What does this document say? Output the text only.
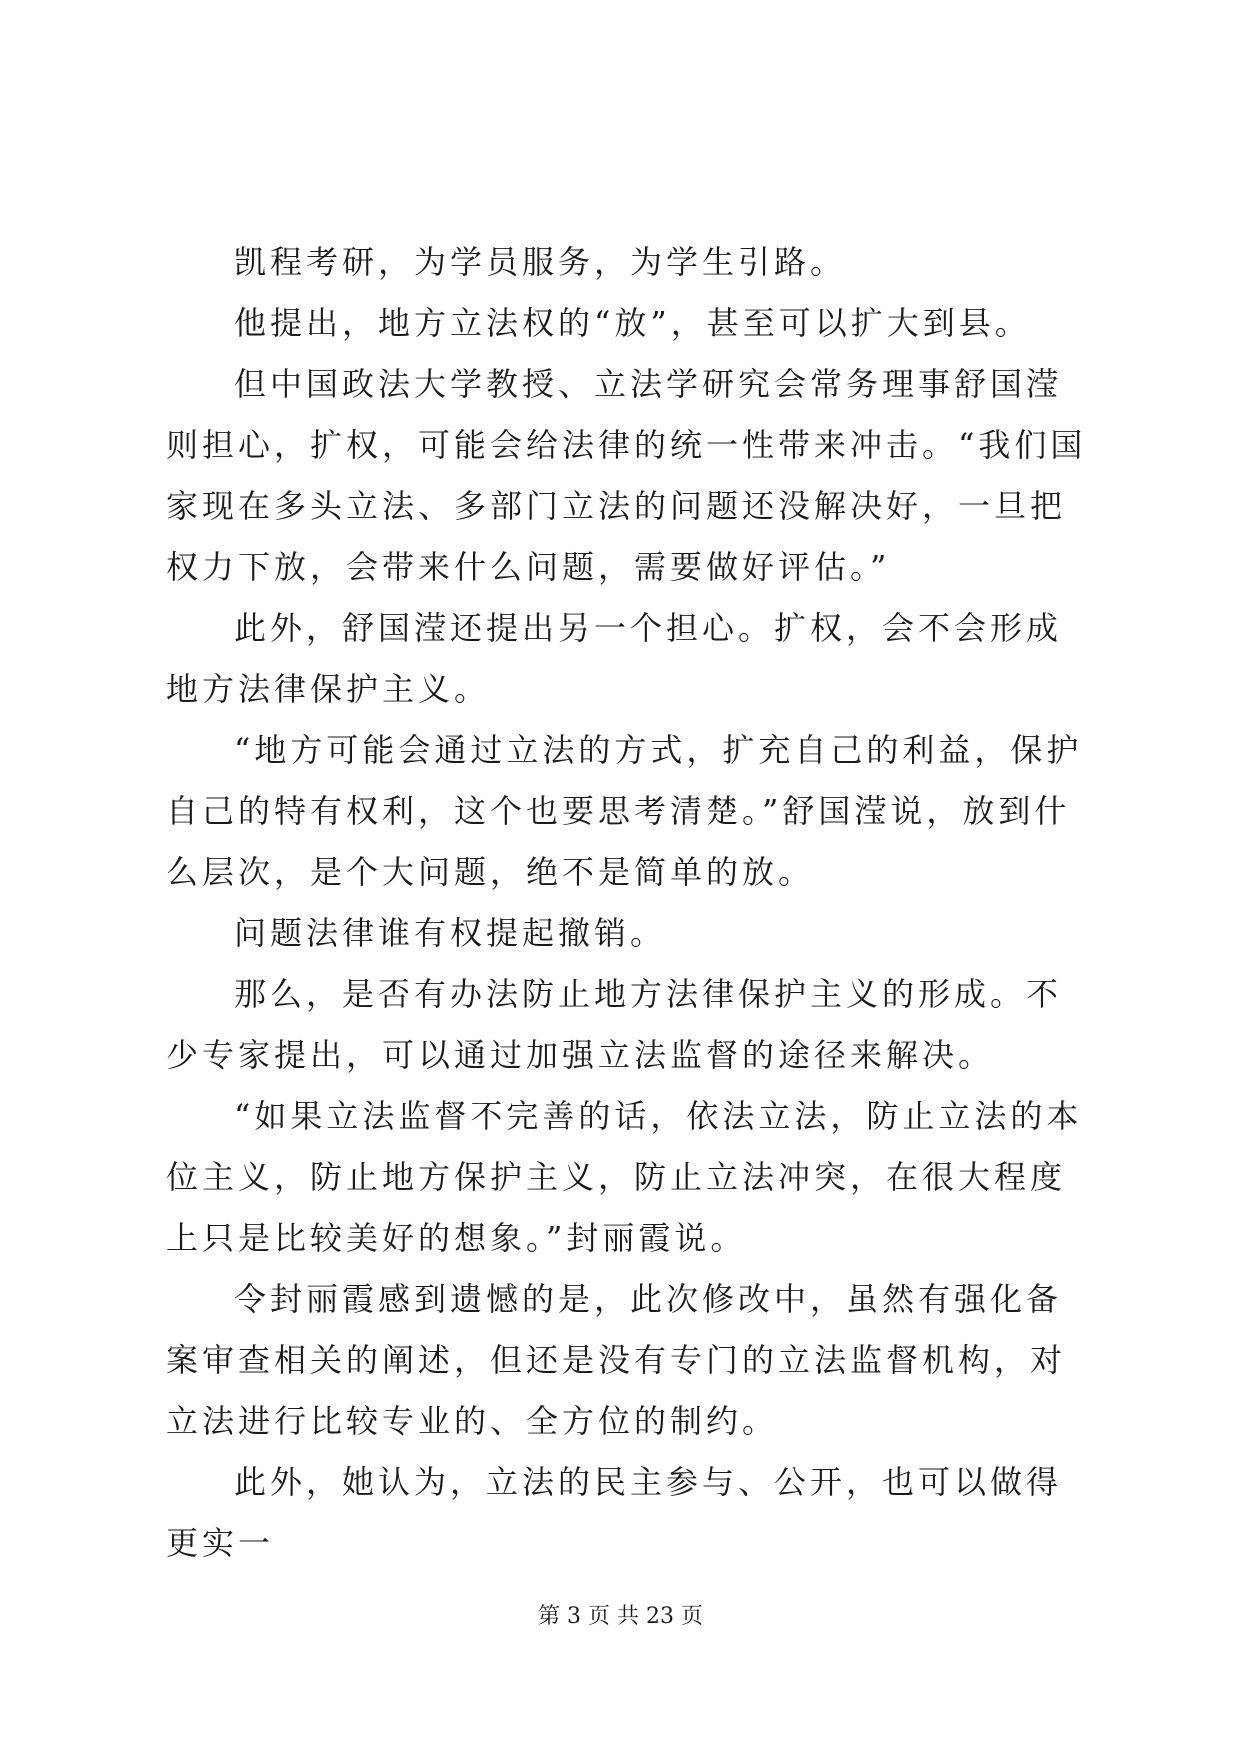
凯程考研，为学员服务，为学生引路。

他提出，地方立法权的“放”，甚至可以扩大到县。

但中国政法大学教授、立法学研究会常务理事舒国滢则担心，扩权，可能会给法律的统一性带来冲击。“我们国家现在多头立法、多部门立法的问题还没解决好，一旦把权力下放，会带来什么问题，需要做好评估。”

此外，舒国滢还提出另一个担心。扩权，会不会形成地方法律保护主义。

“地方可能会通过立法的方式，扩充自己的利益，保护自己的特有权利，这个也要思考清楚。”舒国滢说，放到什么层次，是个大问题，绝不是简单的放。

问题法律谁有权提起撤销。

那么，是否有办法防止地方法律保护主义的形成。不少专家提出，可以通过加强立法监督的途径来解决。

“如果立法监督不完善的话，依法立法，防止立法的本位主义，防止地方保护主义，防止立法冲突，在很大程度上只是比较美好的想象。”封丽霞说。

令封丽霞感到遗憾的是，此次修改中，虽然有强化备案审查相关的阐述，但还是没有专门的立法监督机构，对立法进行比较专业的、全方位的制约。

此外，她认为，立法的民主参与、公开，也可以做得更实一

第 3 页 共 23 页
